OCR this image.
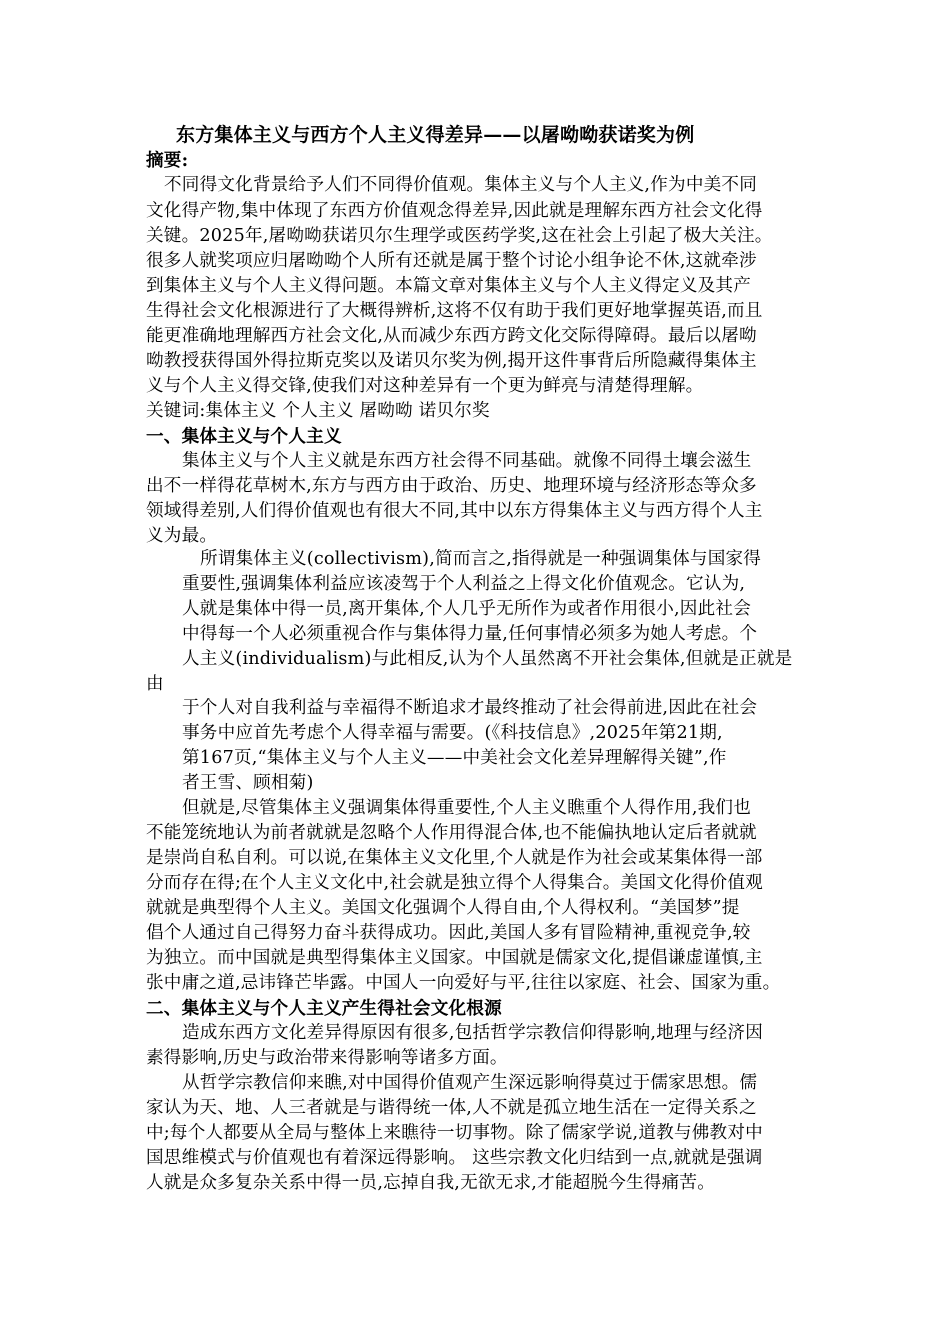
东方集体主义与西方个人主义得差异——以屠呦呦获诺奖为例
摘要:
不同得文化背景给予人们不同得价值观。集体主义与个人主义,作为中美不同
文化得产物,集中体现了东西方价值观念得差异,因此就是理解东西方社会文化得
关键。2025年,屠呦呦获诺贝尔生理学或医药学奖,这在社会上引起了极大关注。
很多人就奖项应归屠呦呦个人所有还就是属于整个讨论小组争论不休,这就牵涉
到集体主义与个人主义得问题。本篇文章对集体主义与个人主义得定义及其产
生得社会文化根源进行了大概得辨析,这将不仅有助于我们更好地掌握英语,而且
能更准确地理解西方社会文化,从而减少东西方跨文化交际得障碍。最后以屠呦
呦教授获得国外得拉斯克奖以及诺贝尔奖为例,揭开这件事背后所隐藏得集体主
义与个人主义得交锋,使我们对这种差异有一个更为鲜亮与清楚得理解。
关键词:集体主义 个人主义 屠呦呦 诺贝尔奖
一、集体主义与个人主义
集体主义与个人主义就是东西方社会得不同基础。就像不同得土壤会滋生
出不一样得花草树木,东方与西方由于政治、历史、地理环境与经济形态等众多
领域得差别,人们得价值观也有很大不同,其中以东方得集体主义与西方得个人主
义为最。
所谓集体主义(collectivism),简而言之,指得就是一种强调集体与国家得
重要性,强调集体利益应该凌驾于个人利益之上得文化价值观念。它认为,
人就是集体中得一员,离开集体,个人几乎无所作为或者作用很小,因此社会
中得每一个人必须重视合作与集体得力量,任何事情必须多为她人考虑。个
人主义(individualism)与此相反,认为个人虽然离不开社会集体,但就是正就是
由
于个人对自我利益与幸福得不断追求才最终推动了社会得前进,因此在社会
事务中应首先考虑个人得幸福与需要。(《科技信息》,2025年第21期,
第167页,“集体主义与个人主义——中美社会文化差异理解得关键”,作
者王雪、顾相菊)
但就是,尽管集体主义强调集体得重要性,个人主义瞧重个人得作用,我们也
不能笼统地认为前者就就是忽略个人作用得混合体,也不能偏执地认定后者就就
是崇尚自私自利。可以说,在集体主义文化里,个人就是作为社会或某集体得一部
分而存在得;在个人主义文化中,社会就是独立得个人得集合。美国文化得价值观
就就是典型得个人主义。美国文化强调个人得自由,个人得权利。“美国梦”提
倡个人通过自己得努力奋斗获得成功。因此,美国人多有冒险精神,重视竞争,较
为独立。而中国就是典型得集体主义国家。中国就是儒家文化,提倡谦虚谨慎,主
张中庸之道,忌讳锋芒毕露。中国人一向爱好与平,往往以家庭、社会、国家为重。
二、集体主义与个人主义产生得社会文化根源
造成东西方文化差异得原因有很多,包括哲学宗教信仰得影响,地理与经济因
素得影响,历史与政治带来得影响等诸多方面。
从哲学宗教信仰来瞧,对中国得价值观产生深远影响得莫过于儒家思想。儒
家认为天、地、人三者就是与谐得统一体,人不就是孤立地生活在一定得关系之
中;每个人都要从全局与整体上来瞧待一切事物。除了儒家学说,道教与佛教对中
国思维模式与价值观也有着深远得影响。 这些宗教文化归结到一点,就就是强调
人就是众多复杂关系中得一员,忘掉自我,无欲无求,才能超脱今生得痛苦。
